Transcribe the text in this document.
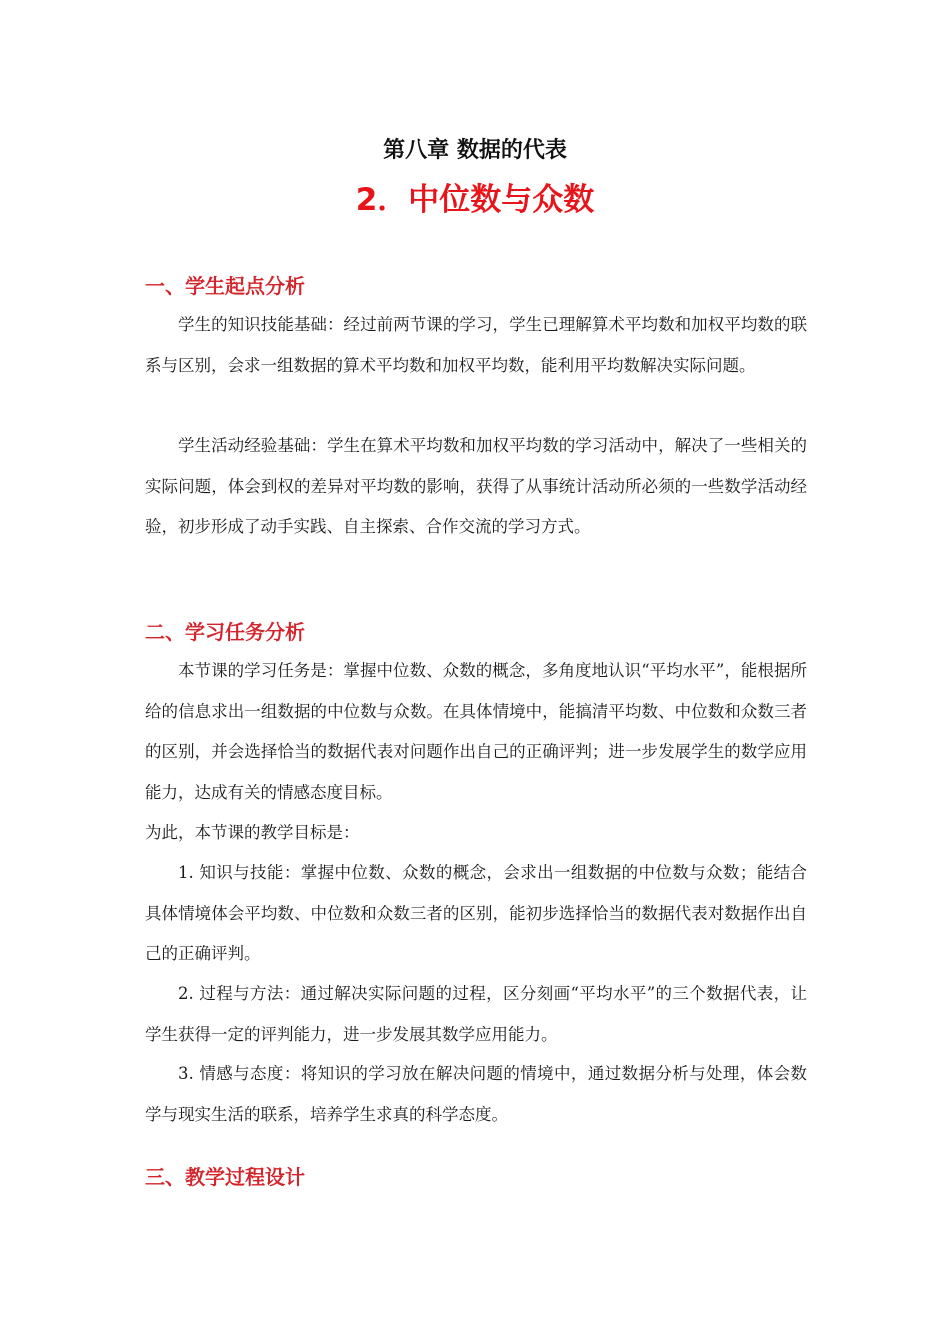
第八章 数据的代表
2．中位数与众数
一、学生起点分析

学生的知识技能基础：经过前两节课的学习，学生已理解算术平均数和加权平均数的联系与区别，会求一组数据的算术平均数和加权平均数，能利用平均数解决实际问题。

学生活动经验基础：学生在算术平均数和加权平均数的学习活动中，解决了一些相关的实际问题，体会到权的差异对平均数的影响，获得了从事统计活动所必须的一些数学活动经验，初步形成了动手实践、自主探索、合作交流的学习方式。

二、学习任务分析

本节课的学习任务是：掌握中位数、众数的概念，多角度地认识“平均水平”，能根据所给的信息求出一组数据的中位数与众数。在具体情境中，能搞清平均数、中位数和众数三者的区别，并会选择恰当的数据代表对问题作出自己的正确评判；进一步发展学生的数学应用能力，达成有关的情感态度目标。

为此，本节课的教学目标是：

1. 知识与技能：掌握中位数、众数的概念，会求出一组数据的中位数与众数；能结合具体情境体会平均数、中位数和众数三者的区别，能初步选择恰当的数据代表对数据作出自己的正确评判。

2. 过程与方法：通过解决实际问题的过程，区分刻画“平均水平”的三个数据代表，让学生获得一定的评判能力，进一步发展其数学应用能力。

3. 情感与态度：将知识的学习放在解决问题的情境中，通过数据分析与处理，体会数学与现实生活的联系，培养学生求真的科学态度。

三、教学过程设计
